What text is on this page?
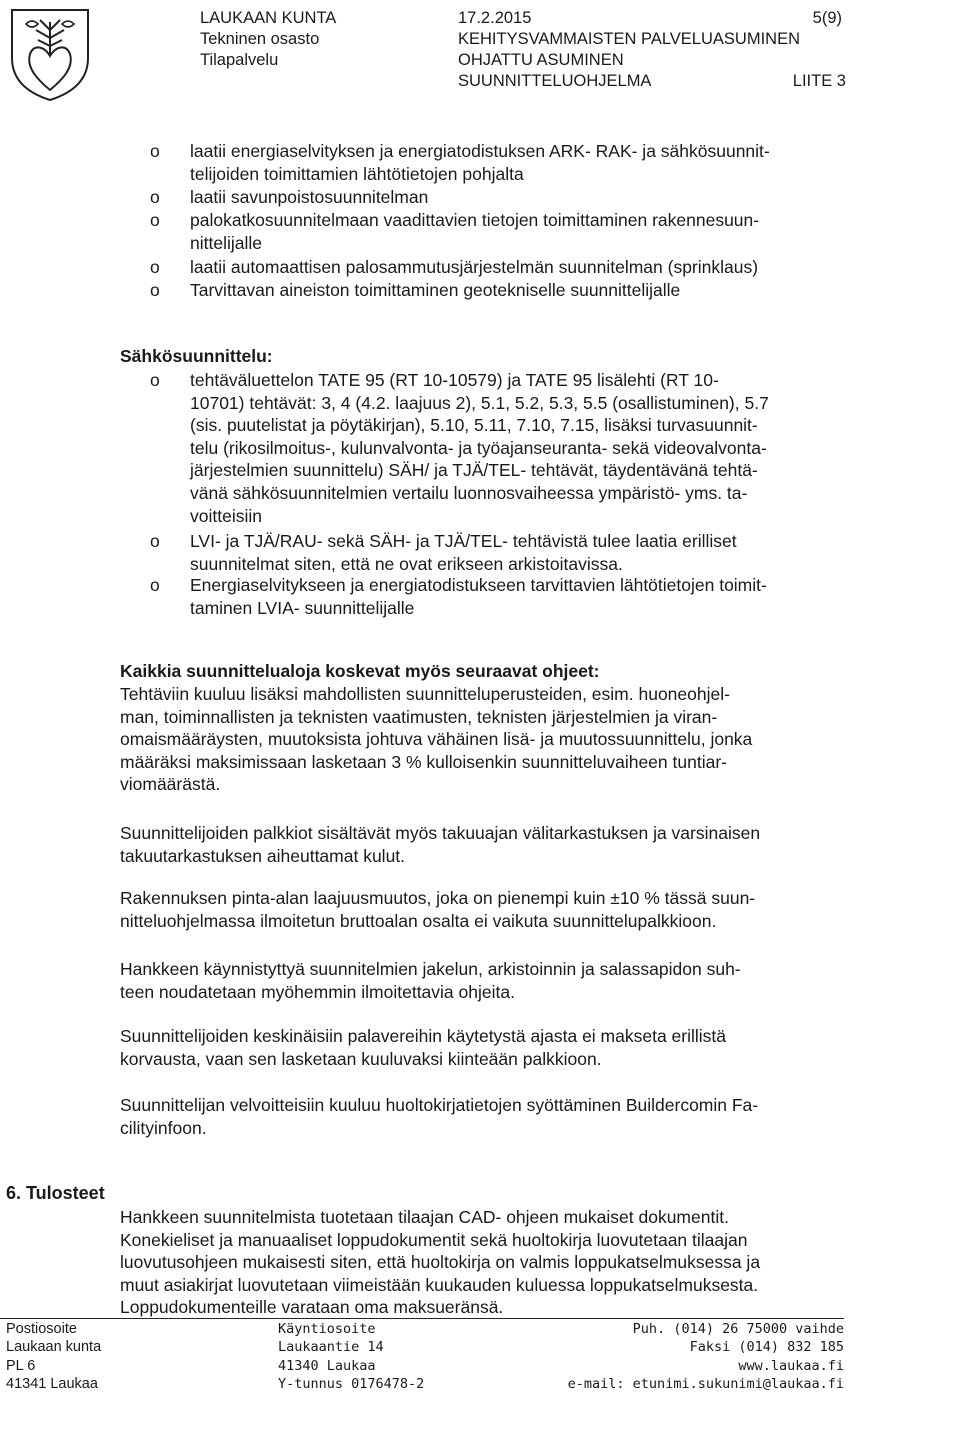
LAUKAAN KUNTA
Tekninen osasto
Tilapalvelu
17.2.2015
KEHITYSVAMMAISTEN PALVELUASUMINEN
OHJATTU ASUMINEN
SUUNNITTELUOHJELMA
5(9)
LIITE 3
o laatii energiaselvityksen ja energiatodistuksen ARK- RAK- ja sähkösuunnit-
telijoiden toimittamien lähtötietojen pohjalta
o laatii savunpoistosuunnitelman
o palokatkosuunnitelmaan vaadittavien tietojen toimittaminen rakennesuun-
nittelijalle
o laatii automaattisen palosammutusjärjestelmän suunnitelman (sprinklaus)
o Tarvittavan aineiston toimittaminen geotekniselle suunnittelijalle
Sähkösuunnittelu:
o tehtäväluettelon TATE 95 (RT 10-10579) ja TATE 95 lisälehti (RT 10-
10701) tehtävät: 3, 4 (4.2. laajuus 2), 5.1, 5.2, 5.3, 5.5 (osallistuminen), 5.7
(sis. puutelistat ja pöytäkirjan), 5.10, 5.11, 7.10, 7.15, lisäksi turvasuunnit-
telu (rikosilmoitus-, kulunvalvonta- ja työajanseuranta- sekä videovalvonta-
järjestelmien suunnittelu) SÄH/ ja TJÄ/TEL- tehtävät, täydentävänä tehtä-
vänä sähkösuunnitelmien vertailu luonnosvaiheessa ympäristö- yms. ta-
voitteisiin
o LVI- ja TJÄ/RAU- sekä SÄH- ja TJÄ/TEL- tehtävistä tulee laatia erilliset
suunnitelmat siten, että ne ovat erikseen arkistoitavissa.
o Energiaselvitykseen ja energiatodistukseen tarvittavien lähtötietojen toimit-
taminen LVIA- suunnittelijalle
Kaikkia suunnittelualoja koskevat myös seuraavat ohjeet:
Tehtäviin kuuluu lisäksi mahdollisten suunnitteluperusteiden, esim. huoneohjel-
man, toiminnallisten ja teknisten vaatimusten, teknisten järjestelmien ja viran-
omaismääräysten, muutoksista johtuva vähäinen lisä- ja muutossuunnittelu, jonka
määräksi maksimissaan lasketaan 3 % kulloisenkin suunnitteluvaiheen tuntiar-
viomäärästä.
Suunnittelijoiden palkkiot sisältävät myös takuuajan välitarkastuksen ja varsinaisen
takuutarkastuksen aiheuttamat kulut.
Rakennuksen pinta-alan laajuusmuutos, joka on pienempi kuin ±10 % tässä suun-
nitteluohjelmassa ilmoitetun bruttoalan osalta ei vaikuta suunnittelupalkkioon.
Hankkeen käynnistyttyä suunnitelmien jakelun, arkistoinnin ja salassapidon suh-
teen noudatetaan myöhemmin ilmoitettavia ohjeita.
Suunnittelijoiden keskinäisiin palavereihin käytetystä ajasta ei makseta erillistä
korvausta, vaan sen lasketaan kuuluvaksi kiinteään palkkioon.
Suunnittelijan velvoitteisiin kuuluu huoltokirjatietojen syöttäminen Buildercomin Fa-
cilityinfoon.
6. Tulosteet
Hankkeen suunnitelmista tuotetaan tilaajan CAD- ohjeen mukaiset dokumentit.
Konekieliset ja manuaaliset loppudokumentit sekä huoltokirja luovutetaan tilaajan
luovutusohjeen mukaisesti siten, että huoltokirja on valmis loppukatselmuksessa ja
muut asiakirjat luovutetaan viimeistään kuukauden kuluessa loppukatselmuksesta.
Loppudokumenteille varataan oma maksueränsä.
Postiosoite
Laukaan kunta
PL 6
41341 Laukaa
Käyntiosoite
Laukaantie 14
41340 Laukaa
Y-tunnus 0176478-2
Puh. (014) 26 75000 vaihde
Faksi (014) 832 185
www.laukaa.fi
e-mail: etunimi.sukunimi@laukaa.fi
